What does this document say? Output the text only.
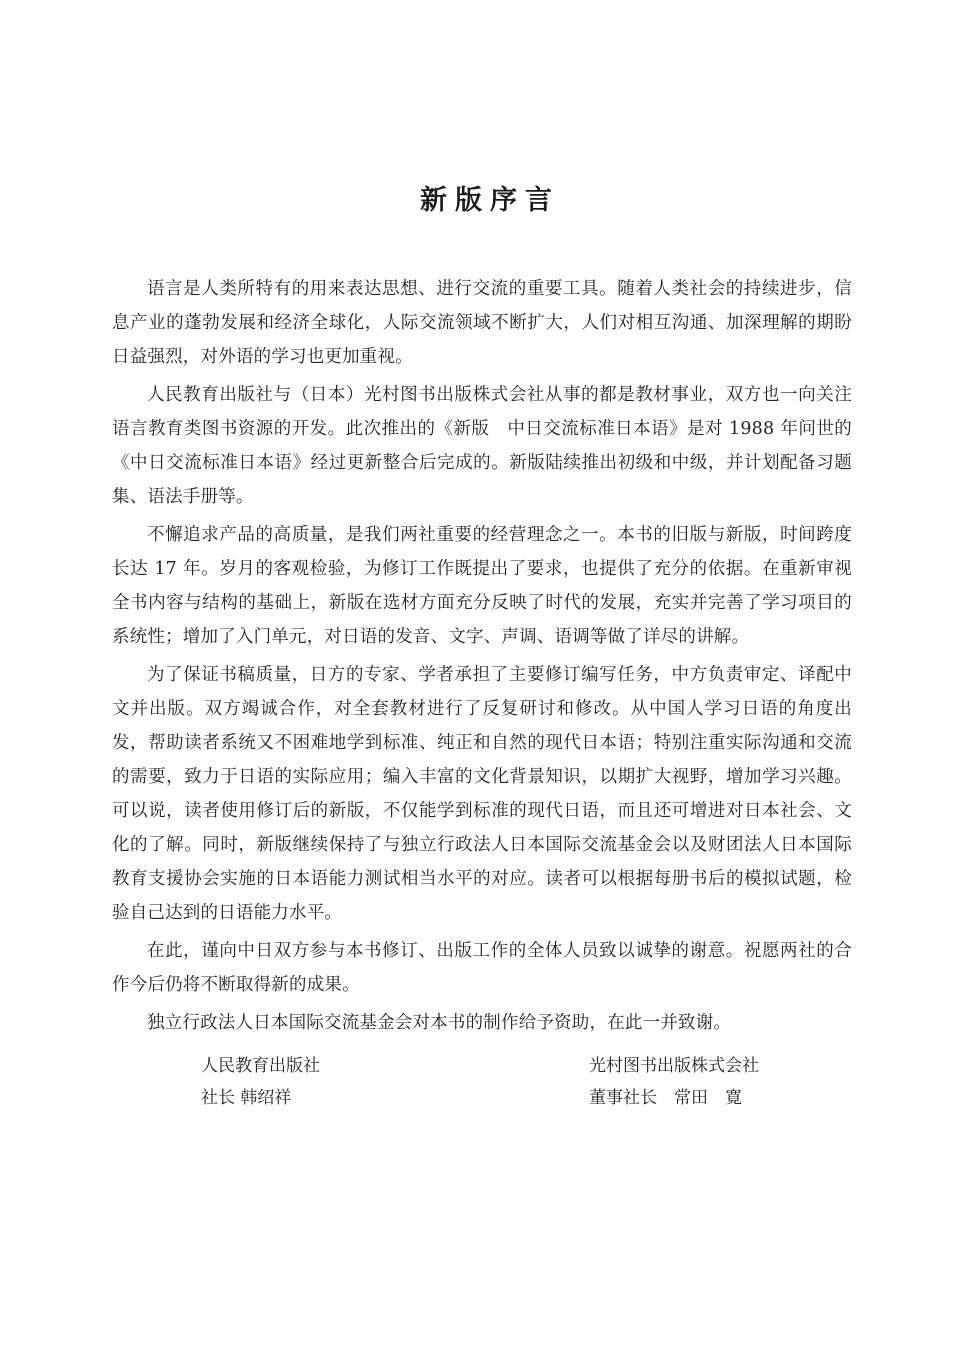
新版序言

语言是人类所特有的用来表达思想、进行交流的重要工具。随着人类社会的持续进步，信息产业的蓬勃发展和经济全球化，人际交流领域不断扩大，人们对相互沟通、加深理解的期盼日益强烈，对外语的学习也更加重视。

人民教育出版社与（日本）光村图书出版株式会社从事的都是教材事业，双方也一向关注语言教育类图书资源的开发。此次推出的《新版　中日交流标准日本语》是对 1988 年问世的《中日交流标准日本语》经过更新整合后完成的。新版陆续推出初级和中级，并计划配备习题集、语法手册等。

不懈追求产品的高质量，是我们两社重要的经营理念之一。本书的旧版与新版，时间跨度长达 17 年。岁月的客观检验，为修订工作既提出了要求，也提供了充分的依据。在重新审视全书内容与结构的基础上，新版在选材方面充分反映了时代的发展，充实并完善了学习项目的系统性；增加了入门单元，对日语的发音、文字、声调、语调等做了详尽的讲解。

为了保证书稿质量，日方的专家、学者承担了主要修订编写任务，中方负责审定、译配中文并出版。双方竭诚合作，对全套教材进行了反复研讨和修改。从中国人学习日语的角度出发，帮助读者系统又不困难地学到标准、纯正和自然的现代日本语；特别注重实际沟通和交流的需要，致力于日语的实际应用；编入丰富的文化背景知识，以期扩大视野，增加学习兴趣。可以说，读者使用修订后的新版，不仅能学到标准的现代日语，而且还可增进对日本社会、文化的了解。同时，新版继续保持了与独立行政法人日本国际交流基金会以及财团法人日本国际教育支援协会实施的日本语能力测试相当水平的对应。读者可以根据每册书后的模拟试题，检验自己达到的日语能力水平。

在此，谨向中日双方参与本书修订、出版工作的全体人员致以诚挚的谢意。祝愿两社的合作今后仍将不断取得新的成果。

独立行政法人日本国际交流基金会对本书的制作给予资助，在此一并致谢。

人民教育出版社
社长 韩绍祥
光村图书出版株式会社
董事社长　常田　寛
